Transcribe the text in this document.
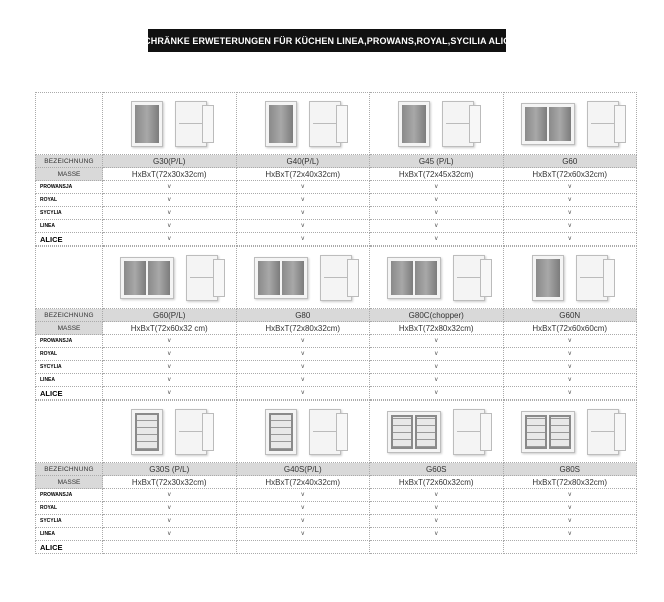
SCHRÄNKE ERWETERUNGEN FÜR KÜCHEN LINEA,PROWANS,ROYAL,SYCILIA ALICE
BEZEICHNUNG	G30(P/L)	G40(P/L)	G45 (P/L)	G60
MASSE	HxBxT(72x30x32cm)	HxBxT(72x40x32cm)	HxBxT(72x45x32cm)	HxBxT(72x60x32cm)
PROWANSJA	v	v	v	v
ROYAL	v	v	v	v
SYCYLIA	v	v	v	v
LINEA	v	v	v	v
ALICE	v	v	v	v
BEZEICHNUNG	G60(P/L)	G80	G80C(chopper)	G60N
MASSE	HxBxT(72x60x32 cm)	HxBxT(72x80x32cm)	HxBxT(72x80x32cm)	HxBxT(72x60x60cm)
PROWANSJA	v	v	v	v
ROYAL	v	v	v	v
SYCYLIA	v	v	v	v
LINEA	v	v	v	v
ALICE	v	v	v	v
BEZEICHNUNG	G30S (P/L)	G40S(P/L)	G60S	G80S
MASSE	HxBxT(72x30x32cm)	HxBxT(72x40x32cm)	HxBxT(72x60x32cm)	HxBxT(72x80x32cm)
PROWANSJA	v	v	v	v
ROYAL	v	v	v	v
SYCYLIA	v	v	v	v
LINEA	v	v	v	v
ALICE
